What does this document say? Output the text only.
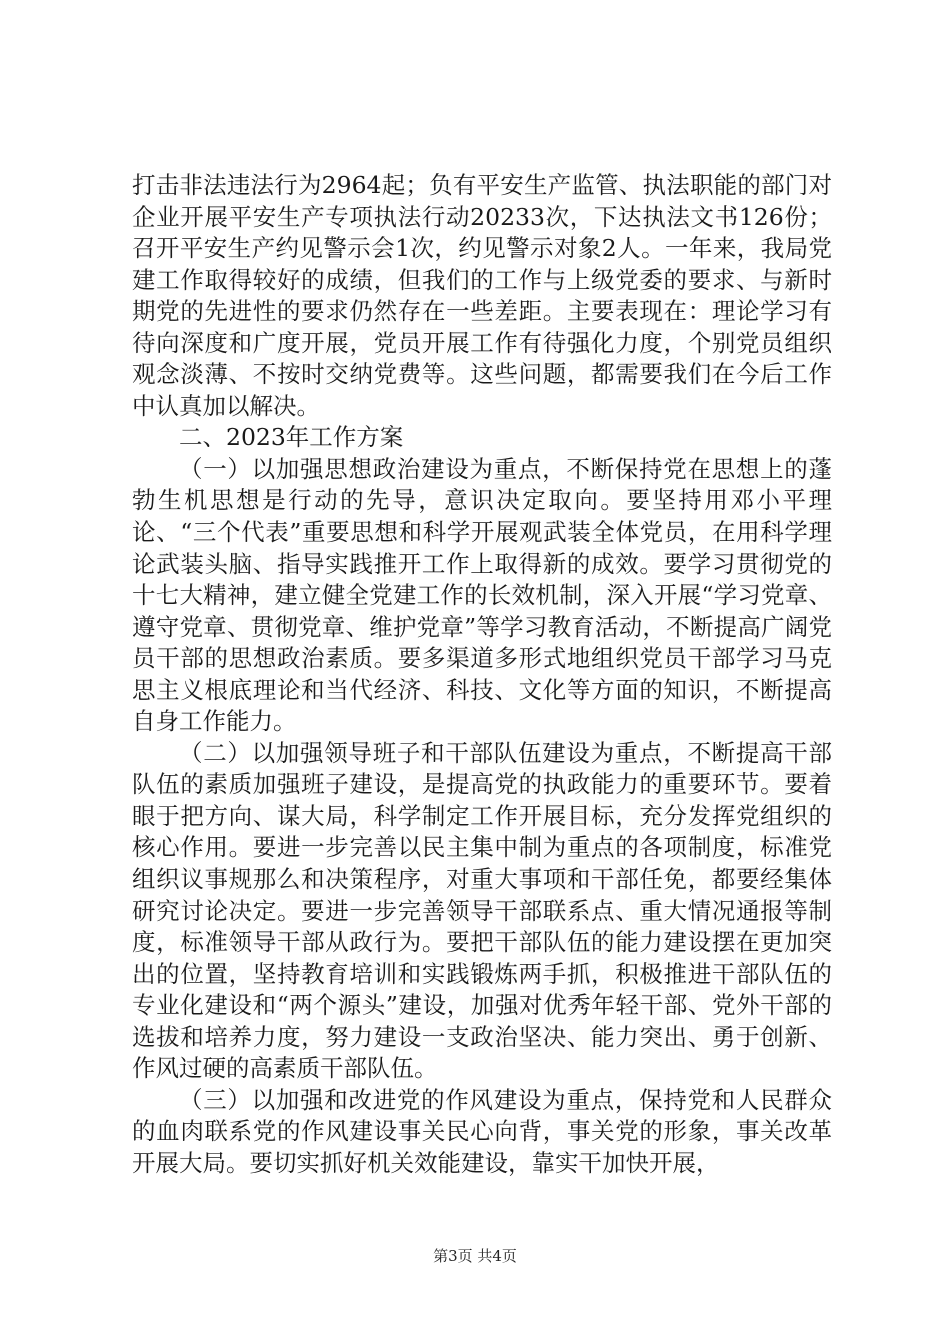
打击非法违法行为2964起；负有平安生产监管、执法职能的部门对企业开展平安生产专项执法行动20233次，下达执法文书126份；召开平安生产约见警示会1次，约见警示对象2人。一年来，我局党建工作取得较好的成绩，但我们的工作与上级党委的要求、与新时期党的先进性的要求仍然存在一些差距。主要表现在：理论学习有待向深度和广度开展，党员开展工作有待强化力度，个别党员组织观念淡薄、不按时交纳党费等。这些问题，都需要我们在今后工作中认真加以解决。

二、2023年工作方案

（一）以加强思想政治建设为重点，不断保持党在思想上的蓬勃生机思想是行动的先导，意识决定取向。要坚持用邓小平理论、“三个代表”重要思想和科学开展观武装全体党员，在用科学理论武装头脑、指导实践推开工作上取得新的成效。要学习贯彻党的十七大精神，建立健全党建工作的长效机制，深入开展“学习党章、遵守党章、贯彻党章、维护党章”等学习教育活动，不断提高广阔党员干部的思想政治素质。要多渠道多形式地组织党员干部学习马克思主义根底理论和当代经济、科技、文化等方面的知识，不断提高自身工作能力。

（二）以加强领导班子和干部队伍建设为重点，不断提高干部队伍的素质加强班子建设，是提高党的执政能力的重要环节。要着眼于把方向、谋大局，科学制定工作开展目标，充分发挥党组织的核心作用。要进一步完善以民主集中制为重点的各项制度，标准党组织议事规那么和决策程序，对重大事项和干部任免，都要经集体研究讨论决定。要进一步完善领导干部联系点、重大情况通报等制度，标准领导干部从政行为。要把干部队伍的能力建设摆在更加突出的位置，坚持教育培训和实践锻炼两手抓，积极推进干部队伍的专业化建设和“两个源头”建设，加强对优秀年轻干部、党外干部的选拔和培养力度，努力建设一支政治坚决、能力突出、勇于创新、作风过硬的高素质干部队伍。

（三）以加强和改进党的作风建设为重点，保持党和人民群众的血肉联系党的作风建设事关民心向背，事关党的形象，事关改革开展大局。要切实抓好机关效能建设，靠实干加快开展，

第3页 共4页
